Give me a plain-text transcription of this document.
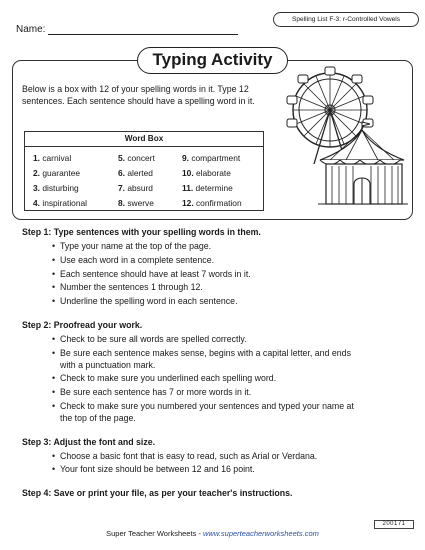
Name:
Spelling List F-3: r-Controlled Vowels
Typing Activity

Below is a box with 12 of your spelling words in it. Type 12 sentences. Each sentence should have a spelling word in it.

Word Box
1. carnival
2. guarantee
3. disturbing
4. inspirational
5. concert
6. alerted
7. absurd
8. swerve
9. compartment
10. elaborate
11. determine
12. confirmation
Step 1: Type sentences with your spelling words in them.
• Type your name at the top of the page.
• Use each word in a complete sentence.
• Each sentence should have at least 7 words in it.
• Number the sentences 1 through 12.
• Underline the spelling word in each sentence.
Step 2: Proofread your work.
• Check to be sure all words are spelled correctly.
• Be sure each sentence makes sense, begins with a capital letter, and ends with a punctuation mark.
• Check to make sure you underlined each spelling word.
• Be sure each sentence has 7 or more words in it.
• Check to make sure you numbered your sentences and typed your name at the top of the page.
Step 3: Adjust the font and size.
• Choose a basic font that is easy to read, such as Arial or Verdana.
• Your font size should be between 12 and 16 point.
Step 4: Save or print your file, as per your teacher's instructions.
200171
Super Teacher Worksheets - www.superteacherworksheets.com
